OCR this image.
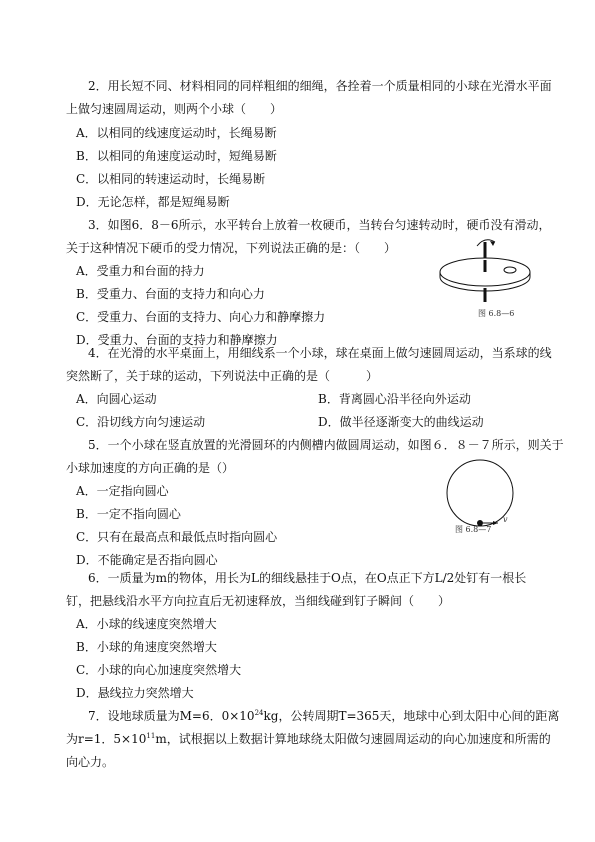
2．用长短不同、材料相同的同样粗细的细绳，各拴着一个质量相同的小球在光滑水平面
上做匀速圆周运动，则两个小球（　　）
A．以相同的线速度运动时，长绳易断
B．以相同的角速度运动时，短绳易断
C．以相同的转速运动时，长绳易断
D．无论怎样，都是短绳易断
3．如图6．8－6所示，水平转台上放着一枚硬币，当转台匀速转动时，硬币没有滑动，
关于这种情况下硬币的受力情况，下列说法正确的是：（　　）
A．受重力和台面的持力
B．受重力、台面的支持力和向心力
C．受重力、台面的支持力、向心力和静摩擦力
D．受重力、台面的支持力和静摩擦力
图 6.8—6
4．在光滑的水平桌面上，用细线系一个小球，球在桌面上做匀速圆周运动，当系球的线
突然断了，关于球的运动，下列说法中正确的是（　　　）
A．向圆心运动	B．背离圆心沿半径向外运动
C．沿切线方向匀速运动	D．做半径逐渐变大的曲线运动
5．一个小球在竖直放置的光滑圆环的内侧槽内做圆周运动，如图６．８－７所示，则关于
小球加速度的方向正确的是（）
A．一定指向圆心
B．一定不指向圆心
C．只有在最高点和最低点时指向圆心
D．不能确定是否指向圆心
v
图 6.8—7
6．一质量为m的物体，用长为L的细线悬挂于O点，在O点正下方L/2处钉有一根长
钉，把悬线沿水平方向拉直后无初速释放，当细线碰到钉子瞬间（　　）
A．小球的线速度突然增大
B．小球的角速度突然增大
C．小球的向心加速度突然增大
D．悬线拉力突然增大
7．设地球质量为M=6．$0\times 10^{24}kg$，公转周期T=365天，地球中心到太阳中心间的距离
为r=1．$5\times 10^{11}m$，试根据以上数据计算地球绕太阳做匀速圆周运动的向心加速度和所需的
向心力。
